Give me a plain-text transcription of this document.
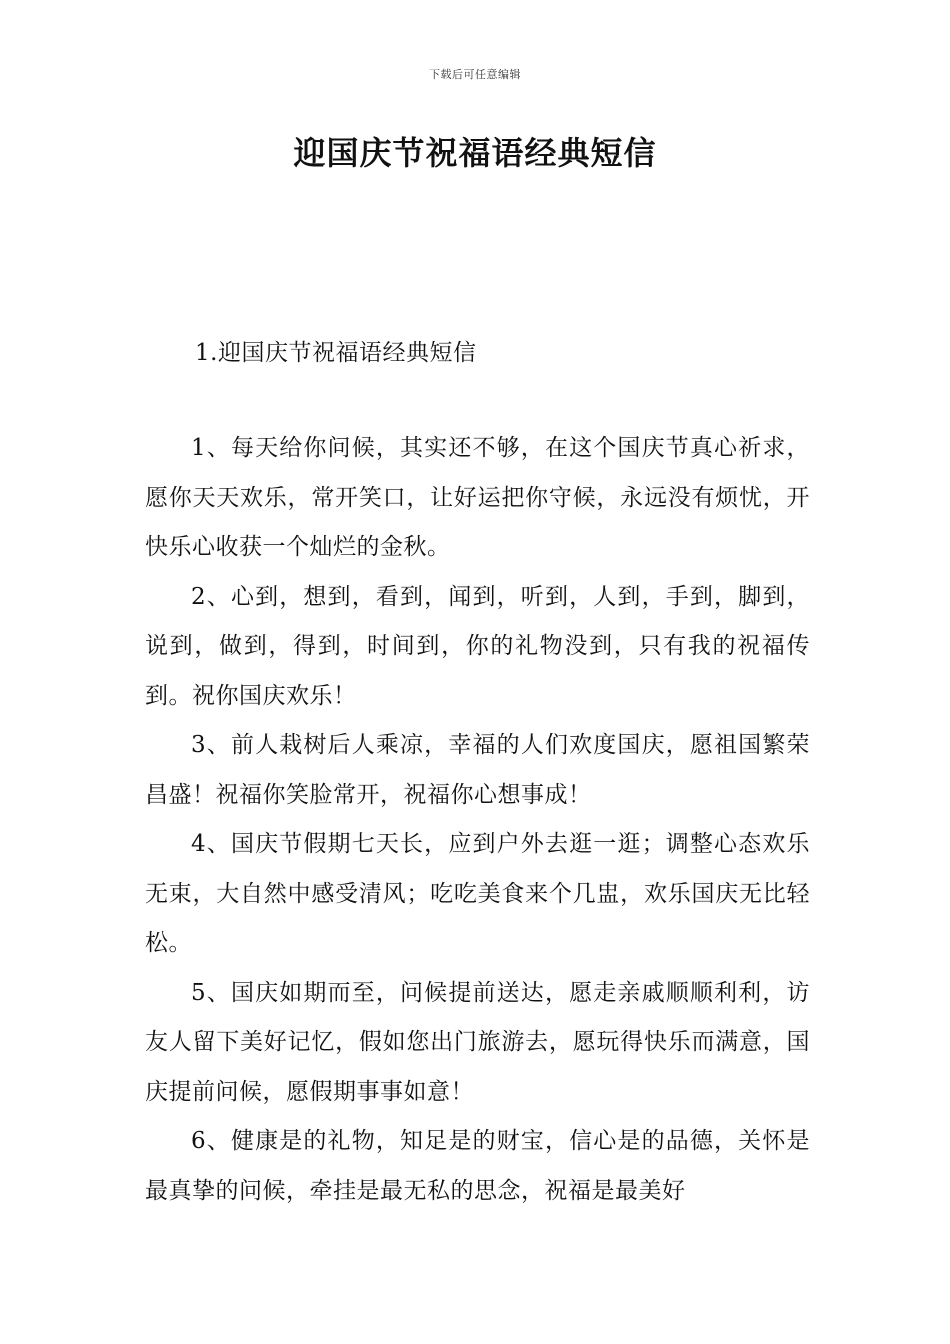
下载后可任意编辑
迎国庆节祝福语经典短信
1.迎国庆节祝福语经典短信

1、每天给你问候，其实还不够，在这个国庆节真心祈求，愿你天天欢乐，常开笑口，让好运把你守候，永远没有烦忧，开快乐心收获一个灿烂的金秋。

2、心到，想到，看到，闻到，听到，人到，手到，脚到，说到，做到，得到，时间到，你的礼物没到，只有我的祝福传到。祝你国庆欢乐！

3、前人栽树后人乘凉，幸福的人们欢度国庆，愿祖国繁荣昌盛！祝福你笑脸常开，祝福你心想事成！

4、国庆节假期七天长，应到户外去逛一逛；调整心态欢乐无束，大自然中感受清风；吃吃美食来个几盅，欢乐国庆无比轻松。

5、国庆如期而至，问候提前送达，愿走亲戚顺顺利利，访友人留下美好记忆，假如您出门旅游去，愿玩得快乐而满意，国庆提前问候，愿假期事事如意！

6、健康是的礼物，知足是的财宝，信心是的品德，关怀是最真挚的问候，牵挂是最无私的思念，祝福是最美好
